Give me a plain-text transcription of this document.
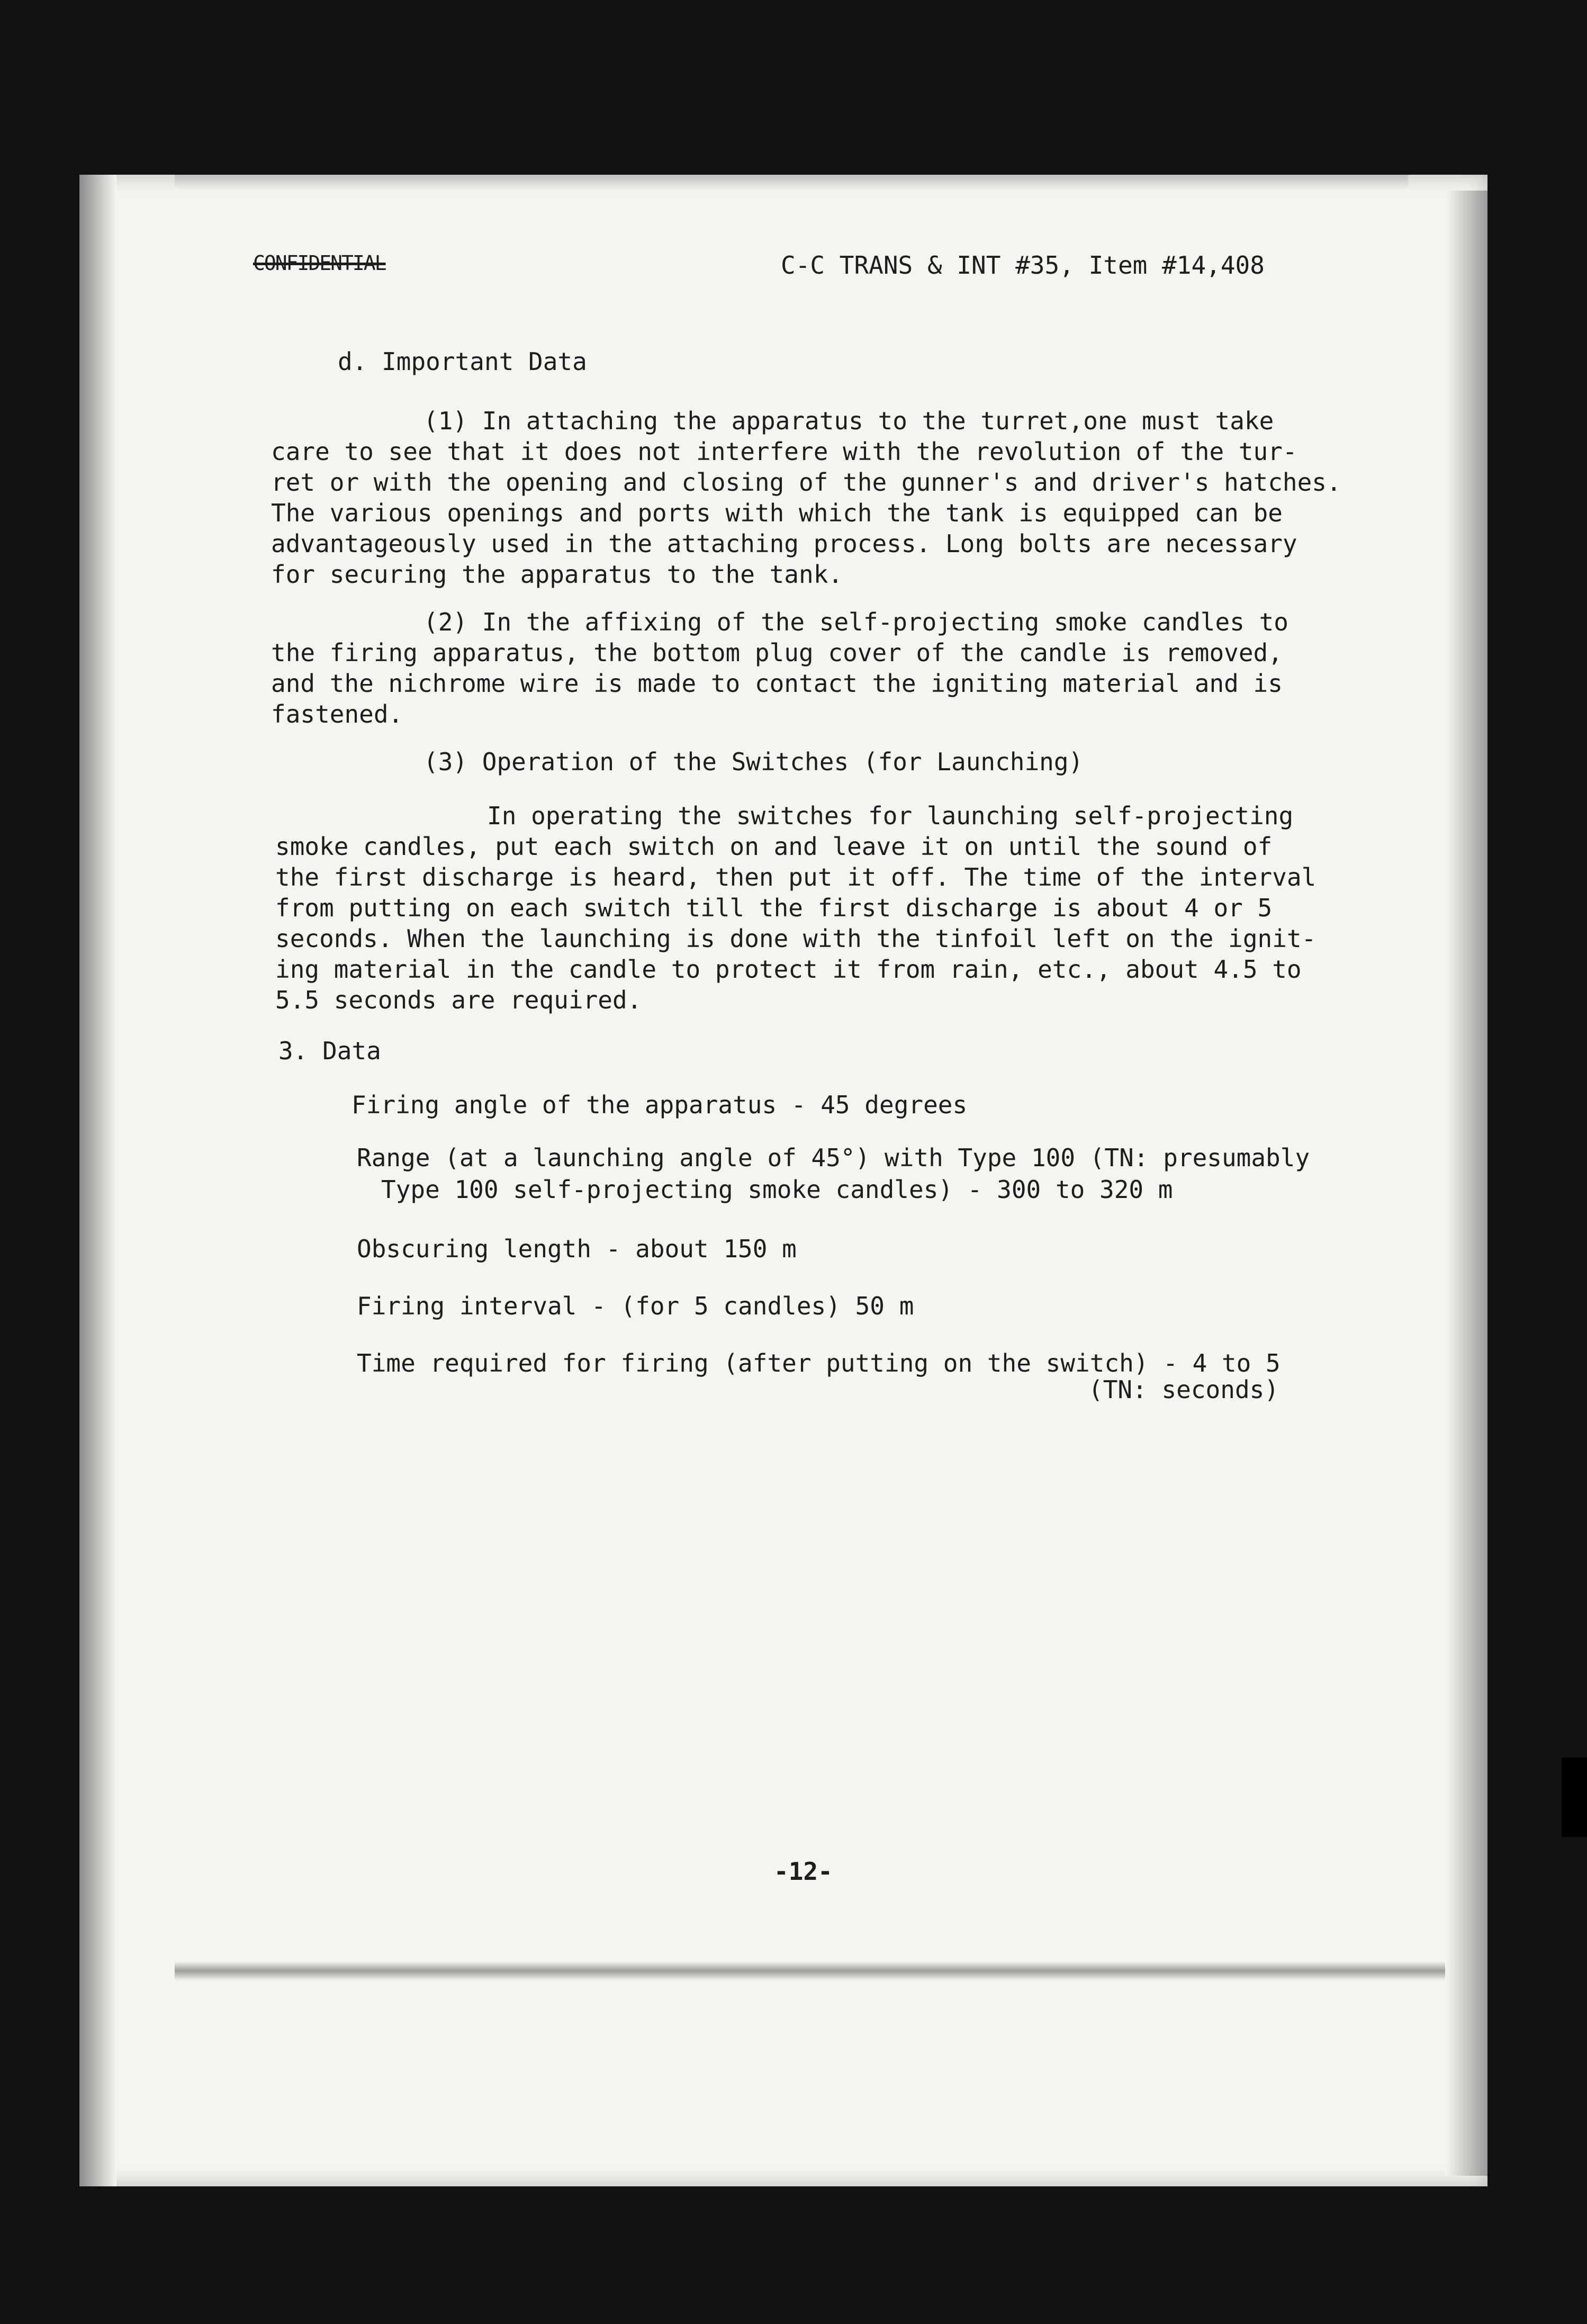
CONFIDENTIAL	C-C TRANS & INT #35, Item #14,408
d. Important Data
(1) In attaching the apparatus to the turret,one must take
care to see that it does not interfere with the revolution of the tur-
ret or with the opening and closing of the gunner's and driver's hatches.
The various openings and ports with which the tank is equipped can be
advantageously used in the attaching process. Long bolts are necessary
for securing the apparatus to the tank.
(2) In the affixing of the self-projecting smoke candles to
the firing apparatus, the bottom plug cover of the candle is removed,
and the nichrome wire is made to contact the igniting material and is
fastened.
(3) Operation of the Switches (for Launching)
In operating the switches for launching self-projecting
smoke candles, put each switch on and leave it on until the sound of
the first discharge is heard, then put it off. The time of the interval
from putting on each switch till the first discharge is about 4 or 5
seconds. When the launching is done with the tinfoil left on the ignit-
ing material in the candle to protect it from rain, etc., about 4.5 to
5.5 seconds are required.
3. Data
Firing angle of the apparatus - 45 degrees
Range (at a launching angle of 45°) with Type 100 (TN: presumably
Type 100 self-projecting smoke candles) - 300 to 320 m
Obscuring length - about 150 m
Firing interval - (for 5 candles) 50 m
Time required for firing (after putting on the switch) - 4 to 5
(TN: seconds)
-12-
